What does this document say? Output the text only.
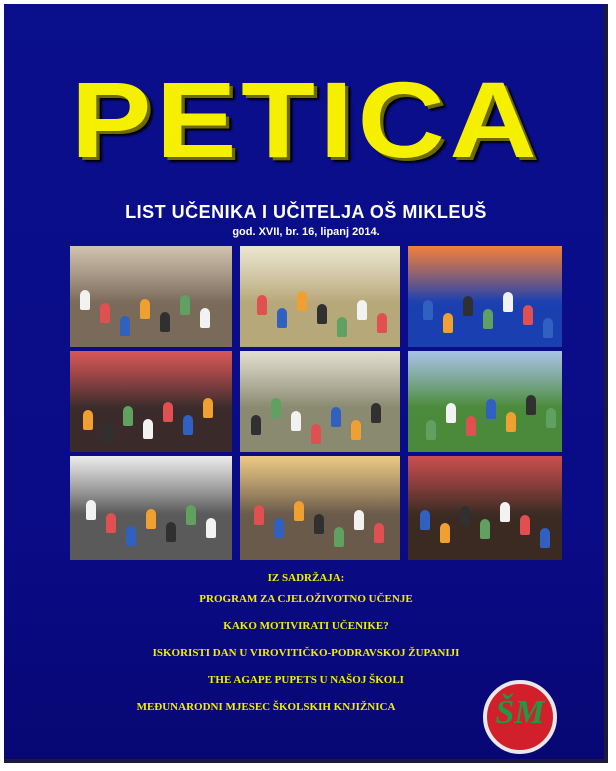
PETICA
LIST UČENIKA I UČITELJA OŠ MIKLEUŠ
god. XVII, br. 16, lipanj 2014.
IZ SADRŽAJA:
PROGRAM ZA CJELOŽIVOTNO UČENJE
KAKO MOTIVIRATI UČENIKE?
ISKORISTI DAN U VIROVITIČKO-PODRAVSKOJ ŽUPANIJI
THE AGAPE PUPETS U NAŠOJ ŠKOLI
MEĐUNARODNI MJESEC ŠKOLSKIH KNJIŽNICA	ŠM
